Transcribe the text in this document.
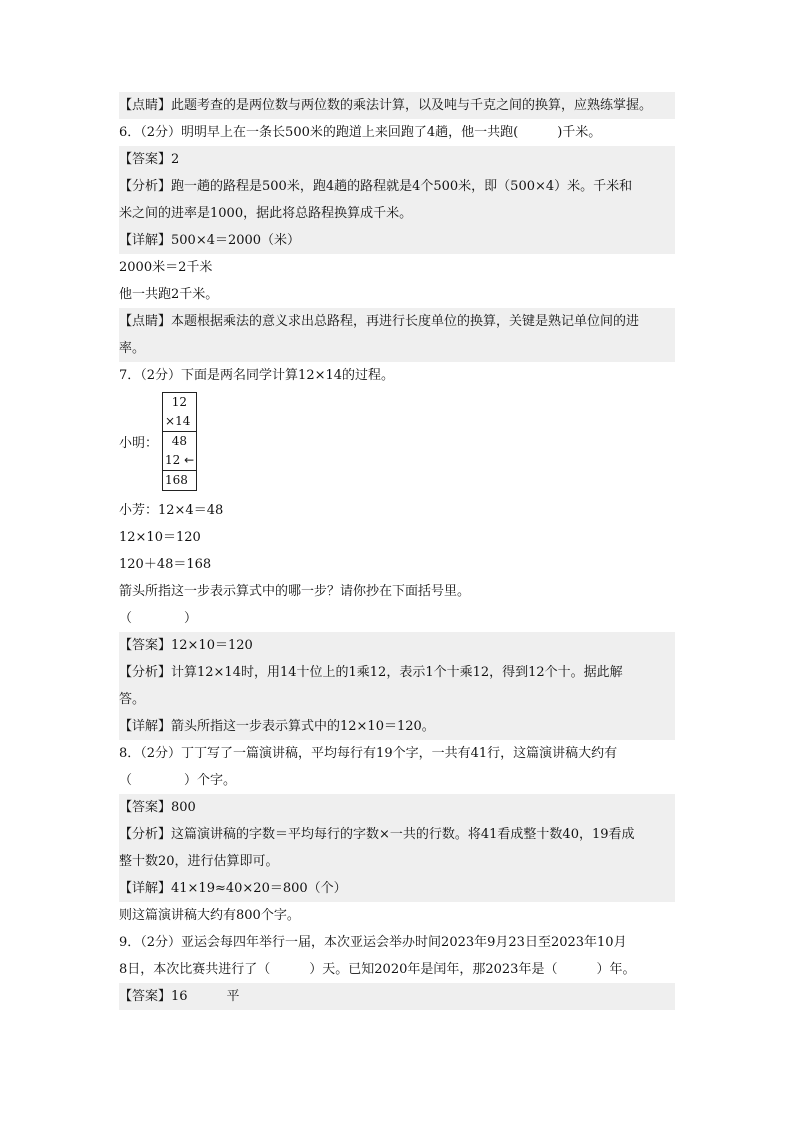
【点睛】此题考查的是两位数与两位数的乘法计算，以及吨与千克之间的换算，应熟练掌握。
6．（2分）明明早上在一条长500米的跑道上来回跑了4趟，他一共跑(　　　)千米。
【答案】2
【分析】跑一趟的路程是500米，跑4趟的路程就是4个500米，即（500×4）米。千米和
米之间的进率是1000，据此将总路程换算成千米。
【详解】500×4＝2000（米）
2000米＝2千米
他一共跑2千米。
【点睛】本题根据乘法的意义求出总路程，再进行长度单位的换算，关键是熟记单位间的进
率。
7．（2分）下面是两名同学计算12×14的过程。
小明：
12
×14
48
12 ←
168
小芳：12×4＝48
12×10＝120
120＋48＝168
箭头所指这一步表示算式中的哪一步？请你抄在下面括号里。
（　　　　）
【答案】12×10＝120
【分析】计算12×14时，用14十位上的1乘12，表示1个十乘12，得到12个十。据此解
答。
【详解】箭头所指这一步表示算式中的12×10＝120。
8．（2分）丁丁写了一篇演讲稿，平均每行有19个字，一共有41行，这篇演讲稿大约有
（　　　　）个字。
【答案】800
【分析】这篇演讲稿的字数＝平均每行的字数×一共的行数。将41看成整十数40，19看成
整十数20，进行估算即可。
【详解】41×19≈40×20＝800（个）
则这篇演讲稿大约有800个字。
9．（2分）亚运会每四年举行一届，本次亚运会举办时间2023年9月23日至2023年10月
8日，本次比赛共进行了（　　　）天。已知2020年是闰年，那2023年是（　　　）年。
【答案】16　　　平
